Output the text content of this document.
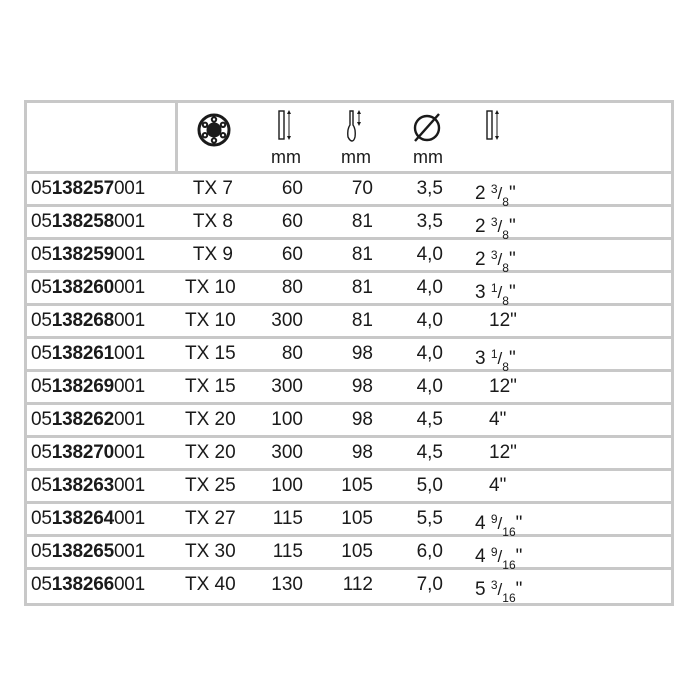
mm mm mm
05138257001	TX 7	60	70	3,5 2 $^3/_8$"
05138258001	TX 8	60	81	3,5 2 $^3/_8$"
05138259001	TX 9	60	81	4,0 2 $^3/_8$"
05138260001 TX 10	80	81	4,0 3 $^1/_8$"
05138268001 TX 10	300	81	4,0 12"
05138261001 TX 15	80	98	4,0 3 $^1/_8$"
05138269001 TX 15	300	98	4,0 12"
05138262001 TX 20	100	98	4,5 4"
05138270001 TX 20	300	98	4,5 12"
05138263001 TX 25	100	105	5,0 4"
05138264001 TX 27	115	105	5,5 4 $^9/_{16}$"
05138265001 TX 30	115	105	6,0 4 $^9/_{16}$"
05138266001 TX 40	130	112	7,0 5 $^3/_{16}$"
